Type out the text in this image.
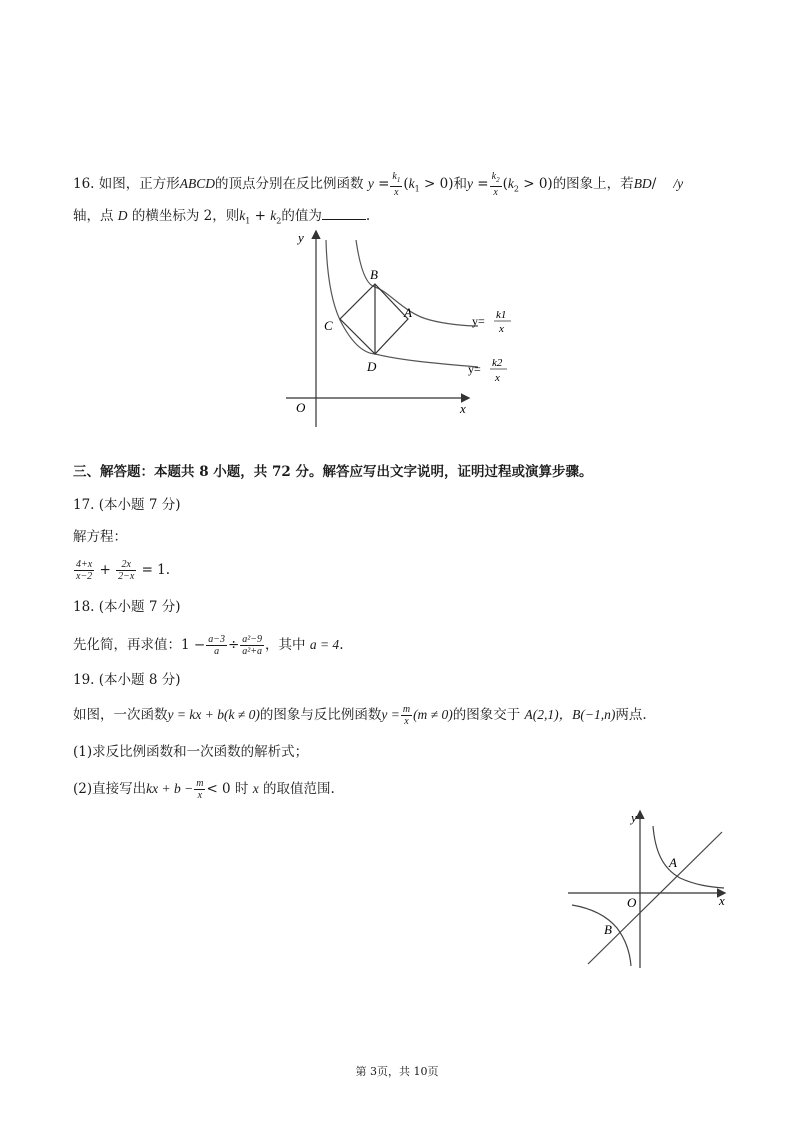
16. 如图，正方形ABCD的顶点分别在反比例函数 $y = \frac{k_1}{x} (k_1 > 0)$和$y = \frac{k_2}{x} (k_2 > 0)$的图象上，若BD/    /y
轴，点 D 的横坐标为 2，则$k_1 + k_2$的值为	.
y
x
O
B
A
C
D
y= k1
x
y= k2
x
三、解答题：本题共 8 小题，共 72 分。解答应写出文字说明，证明过程或演算步骤。
17. (本小题 7 分)
解方程：
$\frac{4+x}{x-2} + \frac{2x}{2-x} = 1$.
18. (本小题 7 分)
先化简，再求值：$1 - \frac{a-3}{a} \div \frac{\text{a²−9}}{\text{a²+a}}$ ，其中 a = 4.
19. (本小题 8 分)
如图，一次函数y = kx + b(k ≠ 0)的图象与反比例函数$y = \frac{m}{x} (m \ne 0)$的图象交于 A(2,1)，B(−1,n)两点.
(1)求反比例函数和一次函数的解析式；
(2)直接写出kx + $b - \frac{m}{x} < 0$ 时 x 的取值范围.
y
x
O
A
B
第 3页，共 10页
